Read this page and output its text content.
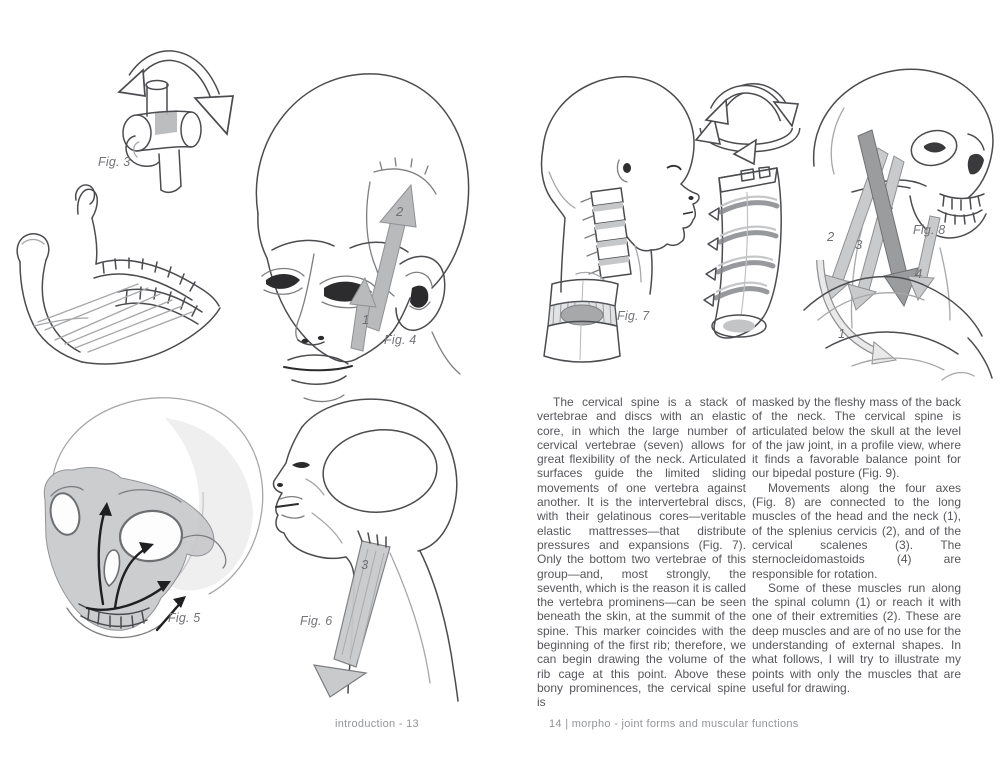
Fig. 3
Fig. 4
Fig. 5	Fig. 6
2
1
3
introduction - 13
Fig. 7
Fig. 8
2
3
4
1

The cervical spine is a stack of vertebrae and discs with an elastic core, in which the large number of cervical vertebrae (seven) allows for great flexibility of the neck. Articulated surfaces guide the limited sliding movements of one vertebra against another. It is the intervertebral discs, with their gelatinous cores—veritable elastic mattresses—that distribute pressures and expansions (Fig. 7). Only the bottom two vertebrae of this group—and, most strongly, the seventh, which is the reason it is called the vertebra prominens—can be seen beneath the skin, at the summit of the spine. This marker coincides with the beginning of the first rib; therefore, we can begin drawing the volume of the rib cage at this point. Above these bony prominences, the cervical spine is

masked by the fleshy mass of the back of the neck. The cervical spine is articulated below the skull at the level of the jaw joint, in a profile view, where it finds a favorable balance point for our bipedal posture (Fig. 9).

Movements along the four axes (Fig. 8) are connected to the long muscles of the head and the neck (1), of the splenius cervicis (2), and of the cervical scalenes (3). The sternocleidomastoids (4) are responsible for rotation.

Some of these muscles run along the spinal column (1) or reach it with one of their extremities (2). These are deep muscles and are of no use for the understanding of external shapes. In what follows, I will try to illustrate my points with only the muscles that are useful for drawing.

14 | morpho - joint forms and muscular functions
